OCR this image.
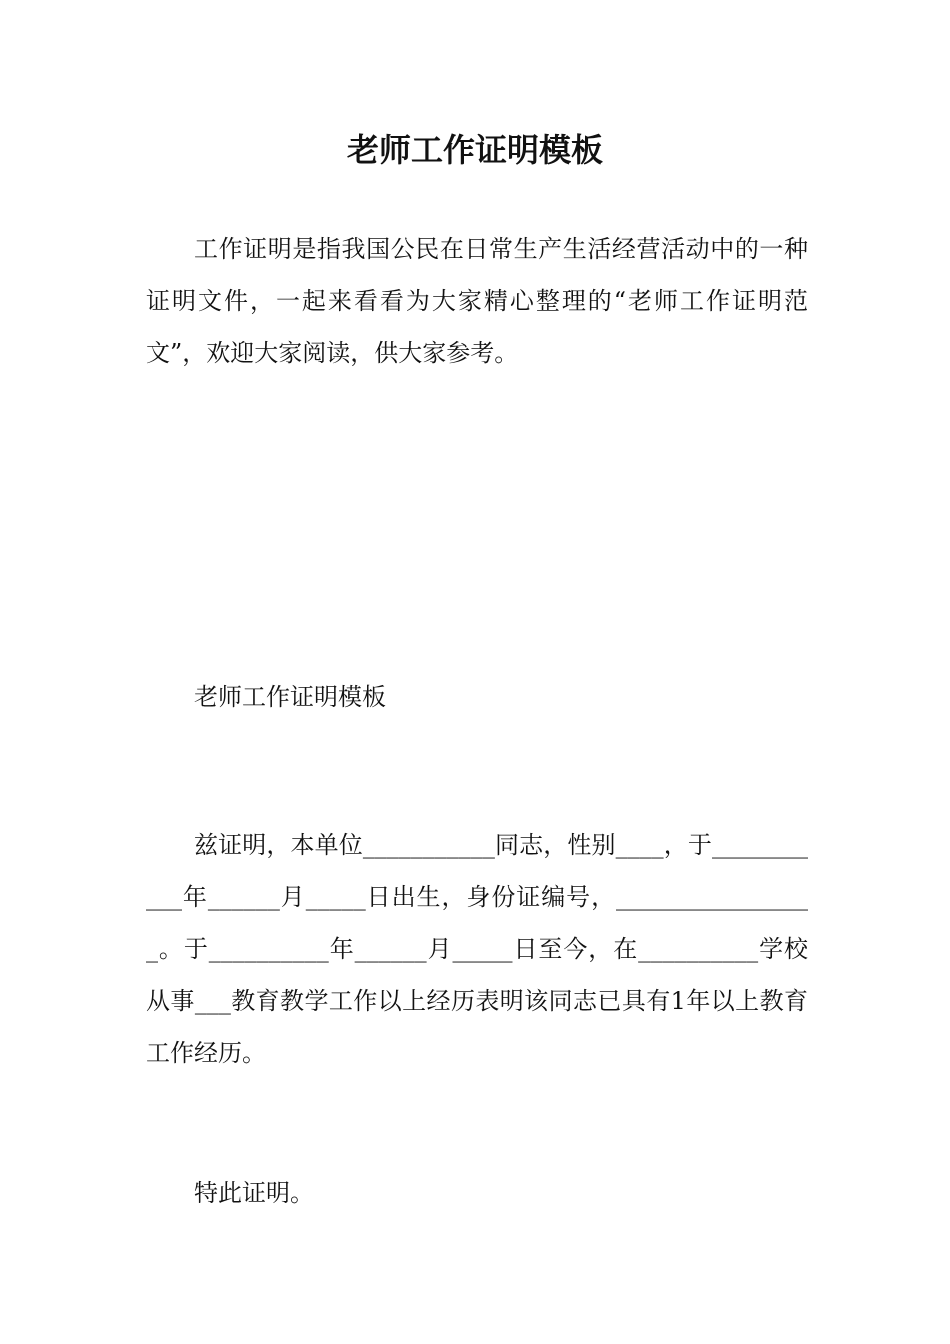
老师工作证明模板

工作证明是指我国公民在日常生产生活经营活动中的一种证明文件，一起来看看为大家精心整理的“老师工作证明范文”，欢迎大家阅读，供大家参考。

老师工作证明模板

兹证明，本单位___________同志，性别____，于___________年______月_____日出生，身份证编号，_________________。于__________年______月_____日至今，在__________学校从事___教育教学工作以上经历表明该同志已具有1年以上教育工作经历。

特此证明。
